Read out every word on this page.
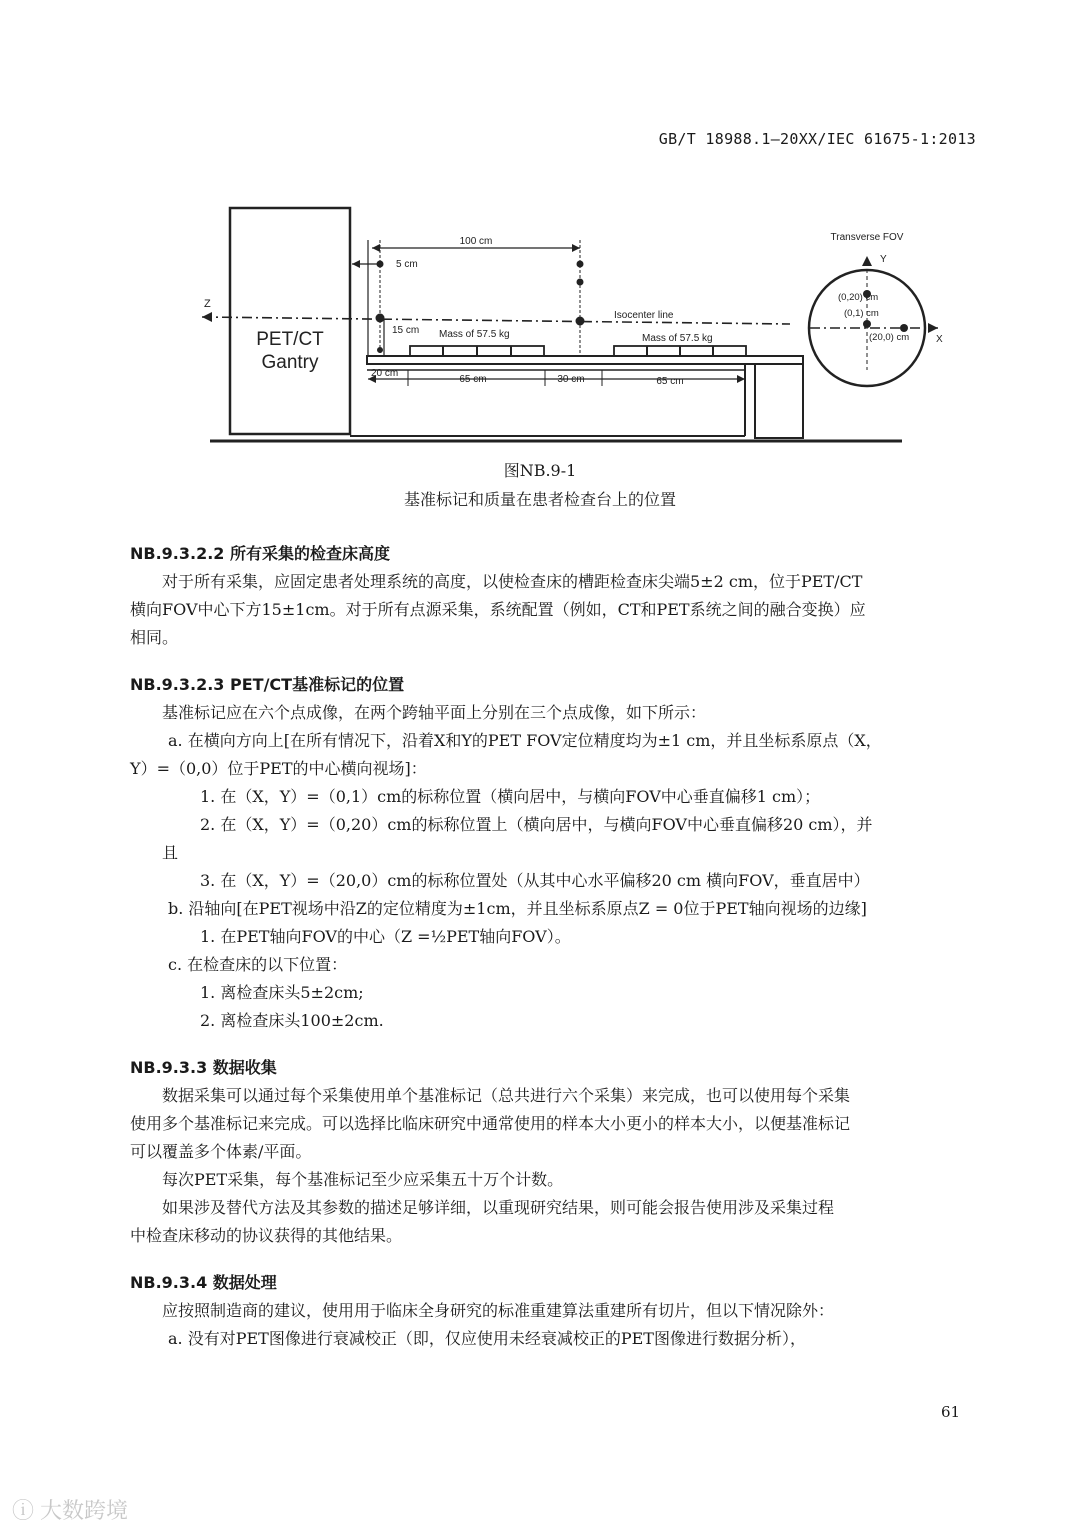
GB/T 18988.1—20XX/IEC 61675-1:2013
PET/CT
Gantry
Z
100 cm
5 cm
15 cm Mass of 57.5 kg	Mass of 57.5 kg
Isocenter line
20 cm
65 cm	30 cm	65 cm
Transverse FOV
Y
X
(0,20) cm
(0,1) cm
(20,0) cm
图NB.9-1
基准标记和质量在患者检查台上的位置

NB.9.3.2.2 所有采集的检查床高度

对于所有采集，应固定患者处理系统的高度，以使检查床的槽距检查床尖端5±2 cm，位于PET/CT

横向FOV中心下方15±1cm。对于所有点源采集，系统配置（例如，CT和PET系统之间的融合变换）应

相同。

NB.9.3.2.3 PET/CT基准标记的位置

基准标记应在六个点成像，在两个跨轴平面上分别在三个点成像，如下所示：

a. 在横向方向上[在所有情况下，沿着X和Y的PET FOV定位精度均为±1 cm，并且坐标系原点（X，

Y）=（0,0）位于PET的中心横向视场]：

1. 在（X，Y）=（0,1）cm的标称位置（横向居中，与横向FOV中心垂直偏移1 cm）；

2. 在（X，Y）=（0,20）cm的标称位置上（横向居中，与横向FOV中心垂直偏移20 cm），并

且

3. 在（X，Y）=（20,0）cm的标称位置处（从其中心水平偏移20 cm 横向FOV，垂直居中）

b. 沿轴向[在PET视场中沿Z的定位精度为±1cm，并且坐标系原点Z = 0位于PET轴向视场的边缘]

1. 在PET轴向FOV的中心（Z =½PET轴向FOV）。

c. 在检查床的以下位置：

1. 离检查床头5±2cm;

2. 离检查床头100±2cm.

NB.9.3.3 数据收集

数据采集可以通过每个采集使用单个基准标记（总共进行六个采集）来完成，也可以使用每个采集

使用多个基准标记来完成。可以选择比临床研究中通常使用的样本大小更小的样本大小，以便基准标记

可以覆盖多个体素/平面。

每次PET采集，每个基准标记至少应采集五十万个计数。

如果涉及替代方法及其参数的描述足够详细，以重现研究结果，则可能会报告使用涉及采集过程

中检查床移动的协议获得的其他结果。

NB.9.3.4 数据处理

应按照制造商的建议，使用用于临床全身研究的标准重建算法重建所有切片，但以下情况除外：

a. 没有对PET图像进行衰减校正（即，仅应使用未经衰减校正的PET图像进行数据分析），

61
ⓘ 大数跨境
